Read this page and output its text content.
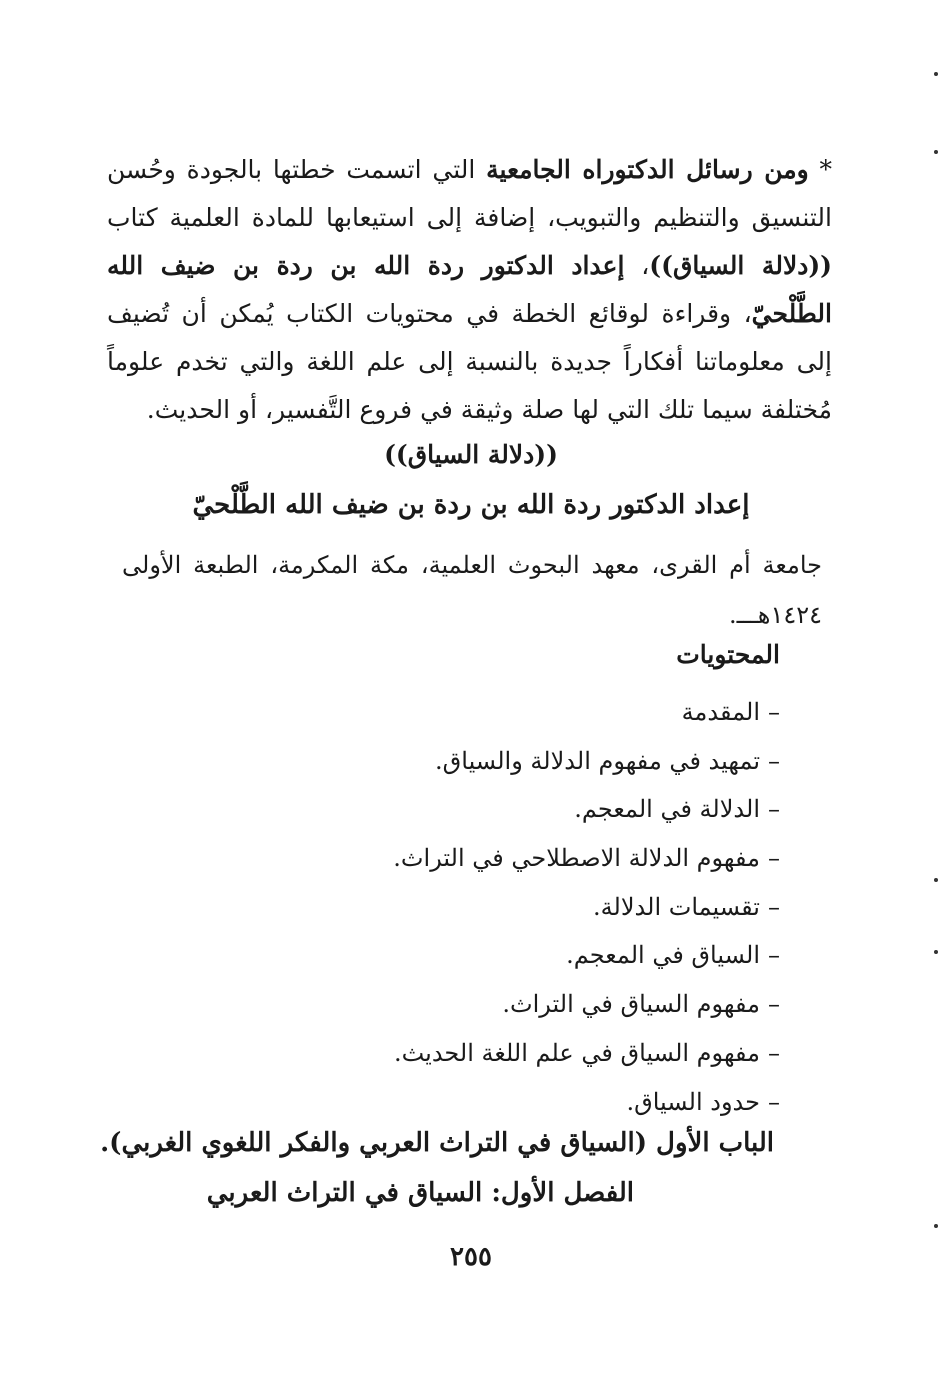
* ومن رسائل الدكتوراه الجامعية التي اتسمت خطتها بالجودة وحُسن التنسيق والتنظيم والتبويب، إضافة إلى استيعابها للمادة العلمية كتاب ((دلالة السياق))، إعداد الدكتور ردة الله بن ردة بن ضيف الله الطَّلْحيّ، وقراءة لوقائع الخطة في محتويات الكتاب يُمكن أن تُضيف إلى معلوماتنا أفكاراً جديدة بالنسبة إلى علم اللغة والتي تخدم علوماً مُختلفة سيما تلك التي لها صلة وثيقة في فروع التَّفسير، أو الحديث.

((دلالة السياق))
إعداد الدكتور ردة الله بن ردة بن ضيف الله الطَّلْحيّ

جامعة أم القرى، معهد البحوث العلمية، مكة المكرمة، الطبعة الأولى ١٤٢٤هـــ.

المحتويات
–المقدمة
–تمهيد في مفهوم الدلالة والسياق.
–الدلالة في المعجم.
–مفهوم الدلالة الاصطلاحي في التراث.
–تقسيمات الدلالة.
–السياق في المعجم.
–مفهوم السياق في التراث.
–مفهوم السياق في علم اللغة الحديث.
–حدود السياق.
الباب الأول (السياق في التراث العربي والفكر اللغوي الغربي).
الفصل الأول: السياق في التراث العربي
٢٥٥
